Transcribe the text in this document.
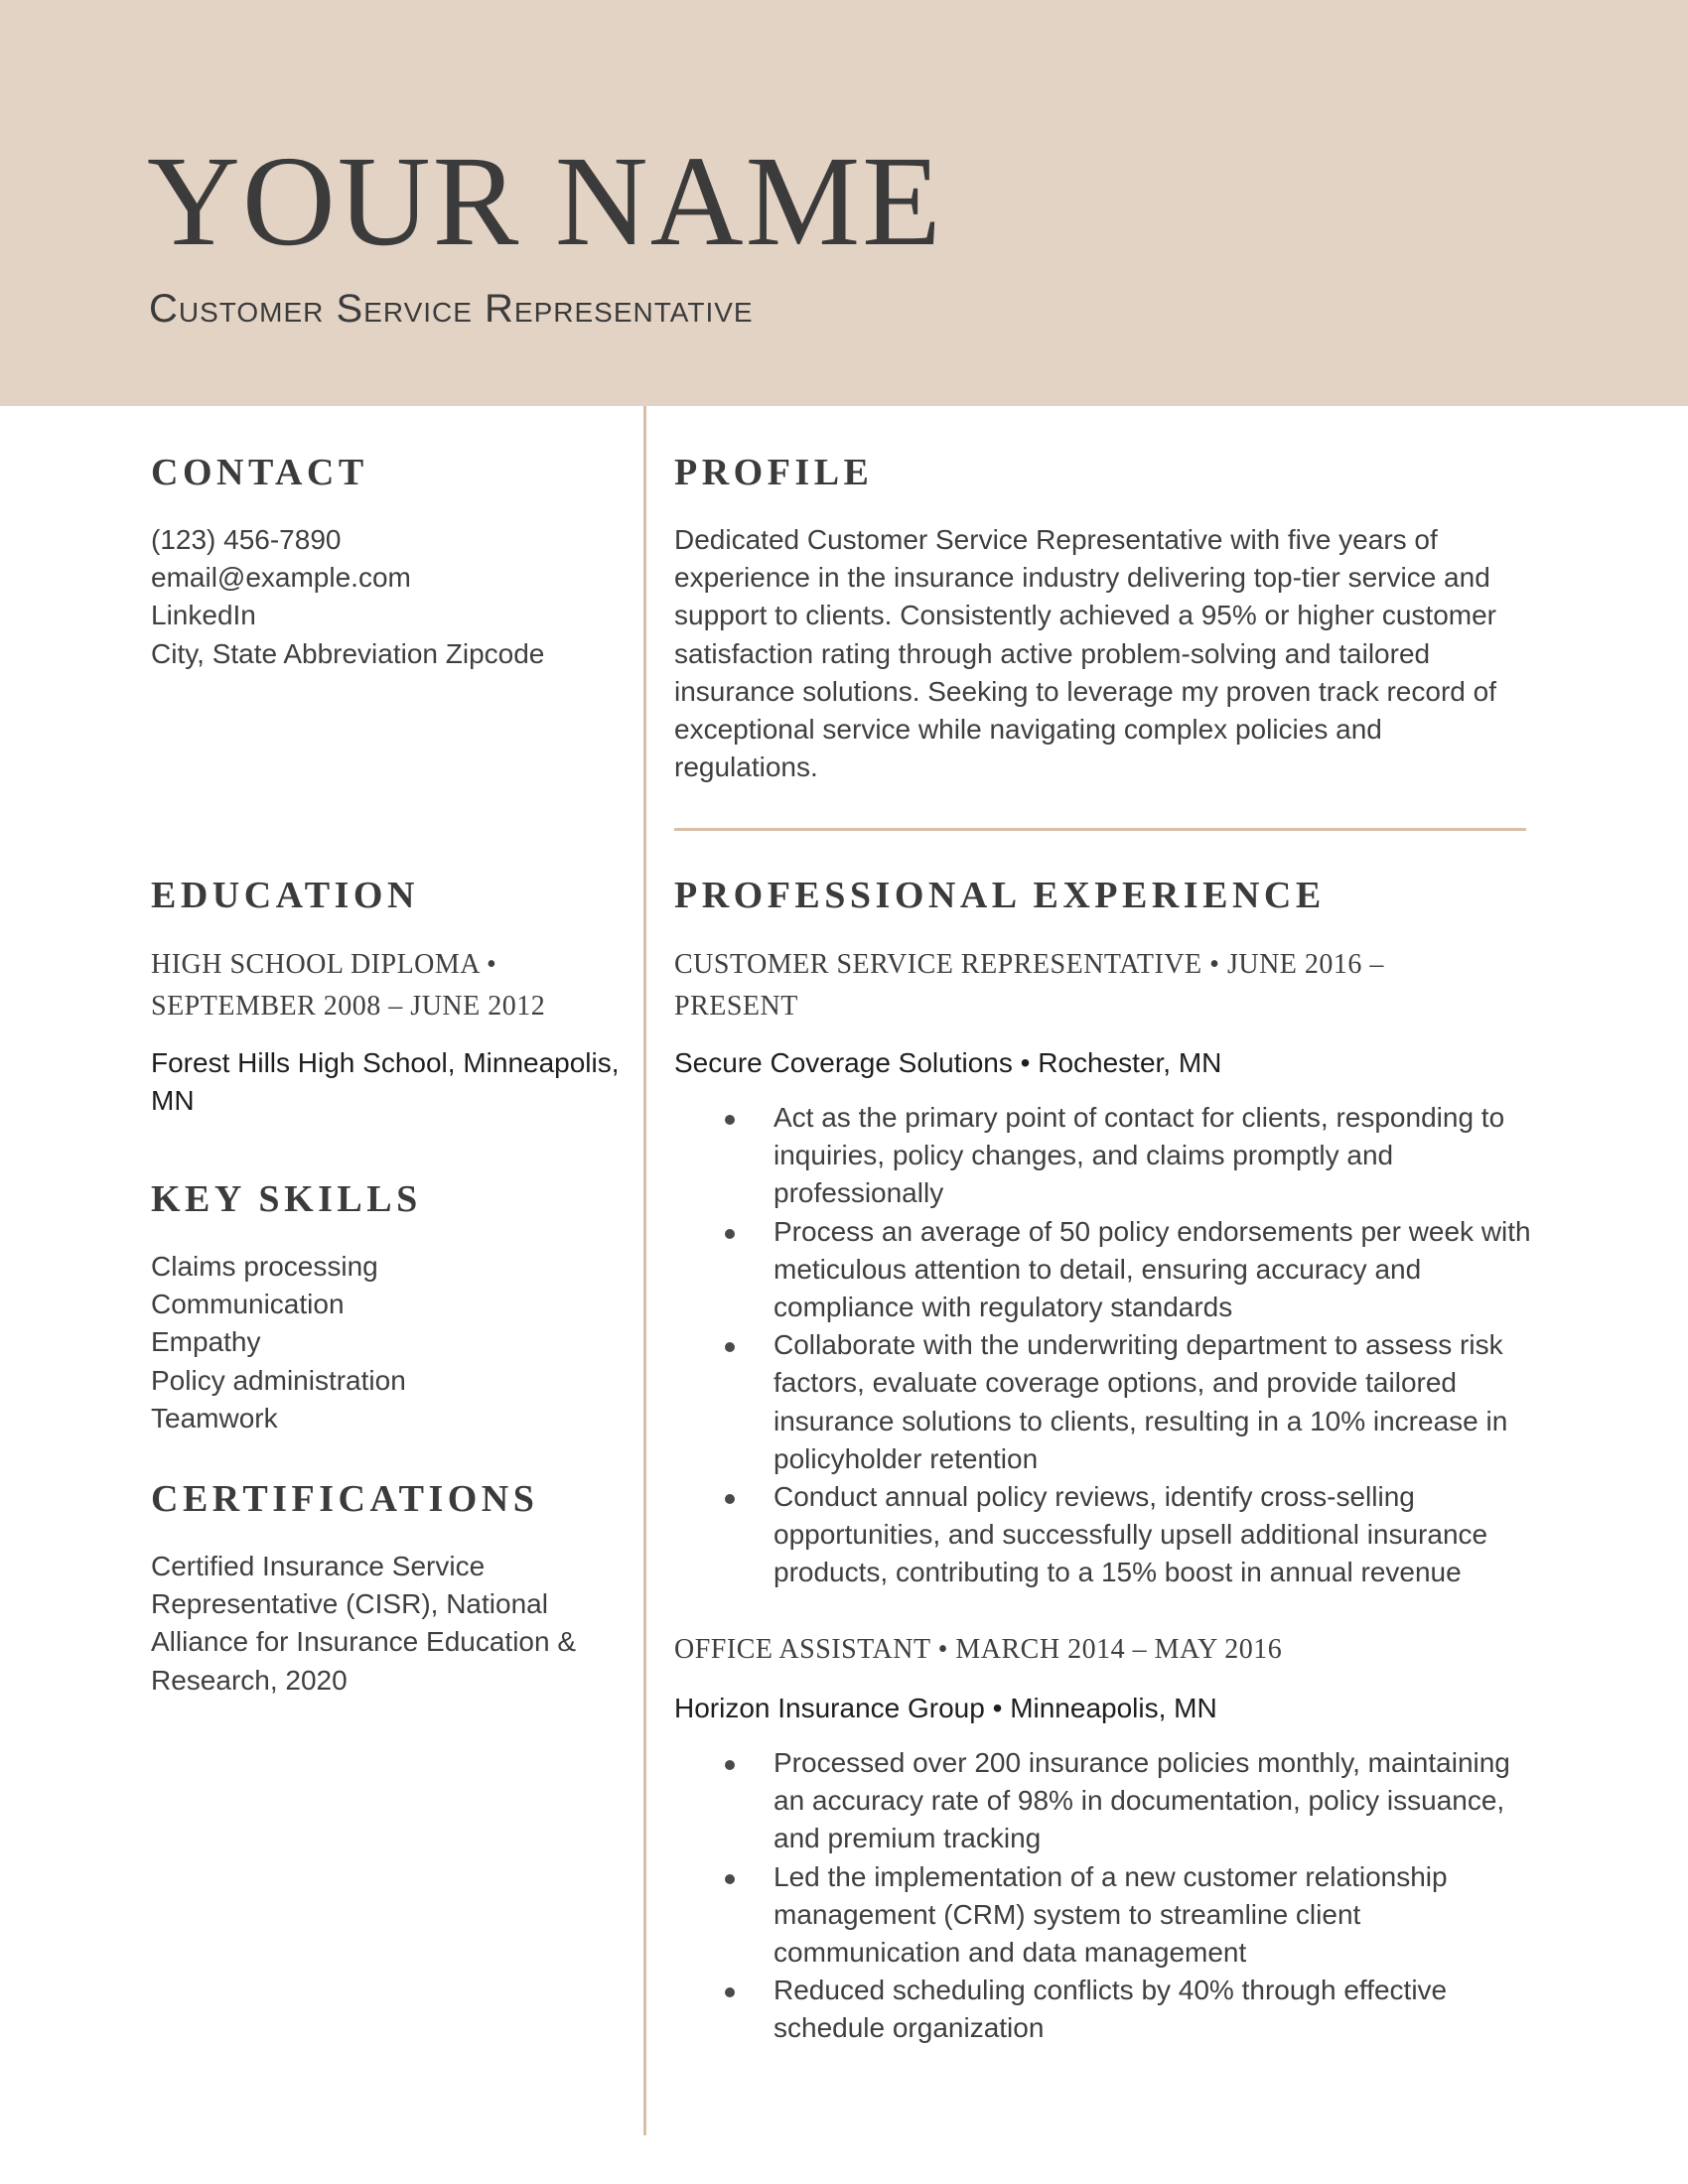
YOUR NAME
Customer Service Representative
CONTACT
(123) 456-7890
email@example.com
LinkedIn
City, State Abbreviation Zipcode
EDUCATION
HIGH SCHOOL DIPLOMA •
SEPTEMBER 2008 – JUNE 2012
Forest Hills High School, Minneapolis,
MN
KEY SKILLS
Claims processing
Communication
Empathy
Policy administration
Teamwork
CERTIFICATIONS
Certified Insurance Service
Representative (CISR), National
Alliance for Insurance Education &
Research, 2020
PROFILE
Dedicated Customer Service Representative with five years of
experience in the insurance industry delivering top-tier service and
support to clients. Consistently achieved a 95% or higher customer
satisfaction rating through active problem-solving and tailored
insurance solutions. Seeking to leverage my proven track record of
exceptional service while navigating complex policies and
regulations.
PROFESSIONAL EXPERIENCE
CUSTOMER SERVICE REPRESENTATIVE • JUNE 2016 –
PRESENT
Secure Coverage Solutions • Rochester, MN
Act as the primary point of contact for clients, responding to
inquiries, policy changes, and claims promptly and
professionally
Process an average of 50 policy endorsements per week with
meticulous attention to detail, ensuring accuracy and
compliance with regulatory standards
Collaborate with the underwriting department to assess risk
factors, evaluate coverage options, and provide tailored
insurance solutions to clients, resulting in a 10% increase in
policyholder retention
Conduct annual policy reviews, identify cross-selling
opportunities, and successfully upsell additional insurance
products, contributing to a 15% boost in annual revenue
OFFICE ASSISTANT • MARCH 2014 – MAY 2016
Horizon Insurance Group • Minneapolis, MN
Processed over 200 insurance policies monthly, maintaining
an accuracy rate of 98% in documentation, policy issuance,
and premium tracking
Led the implementation of a new customer relationship
management (CRM) system to streamline client
communication and data management
Reduced scheduling conflicts by 40% through effective
schedule organization
